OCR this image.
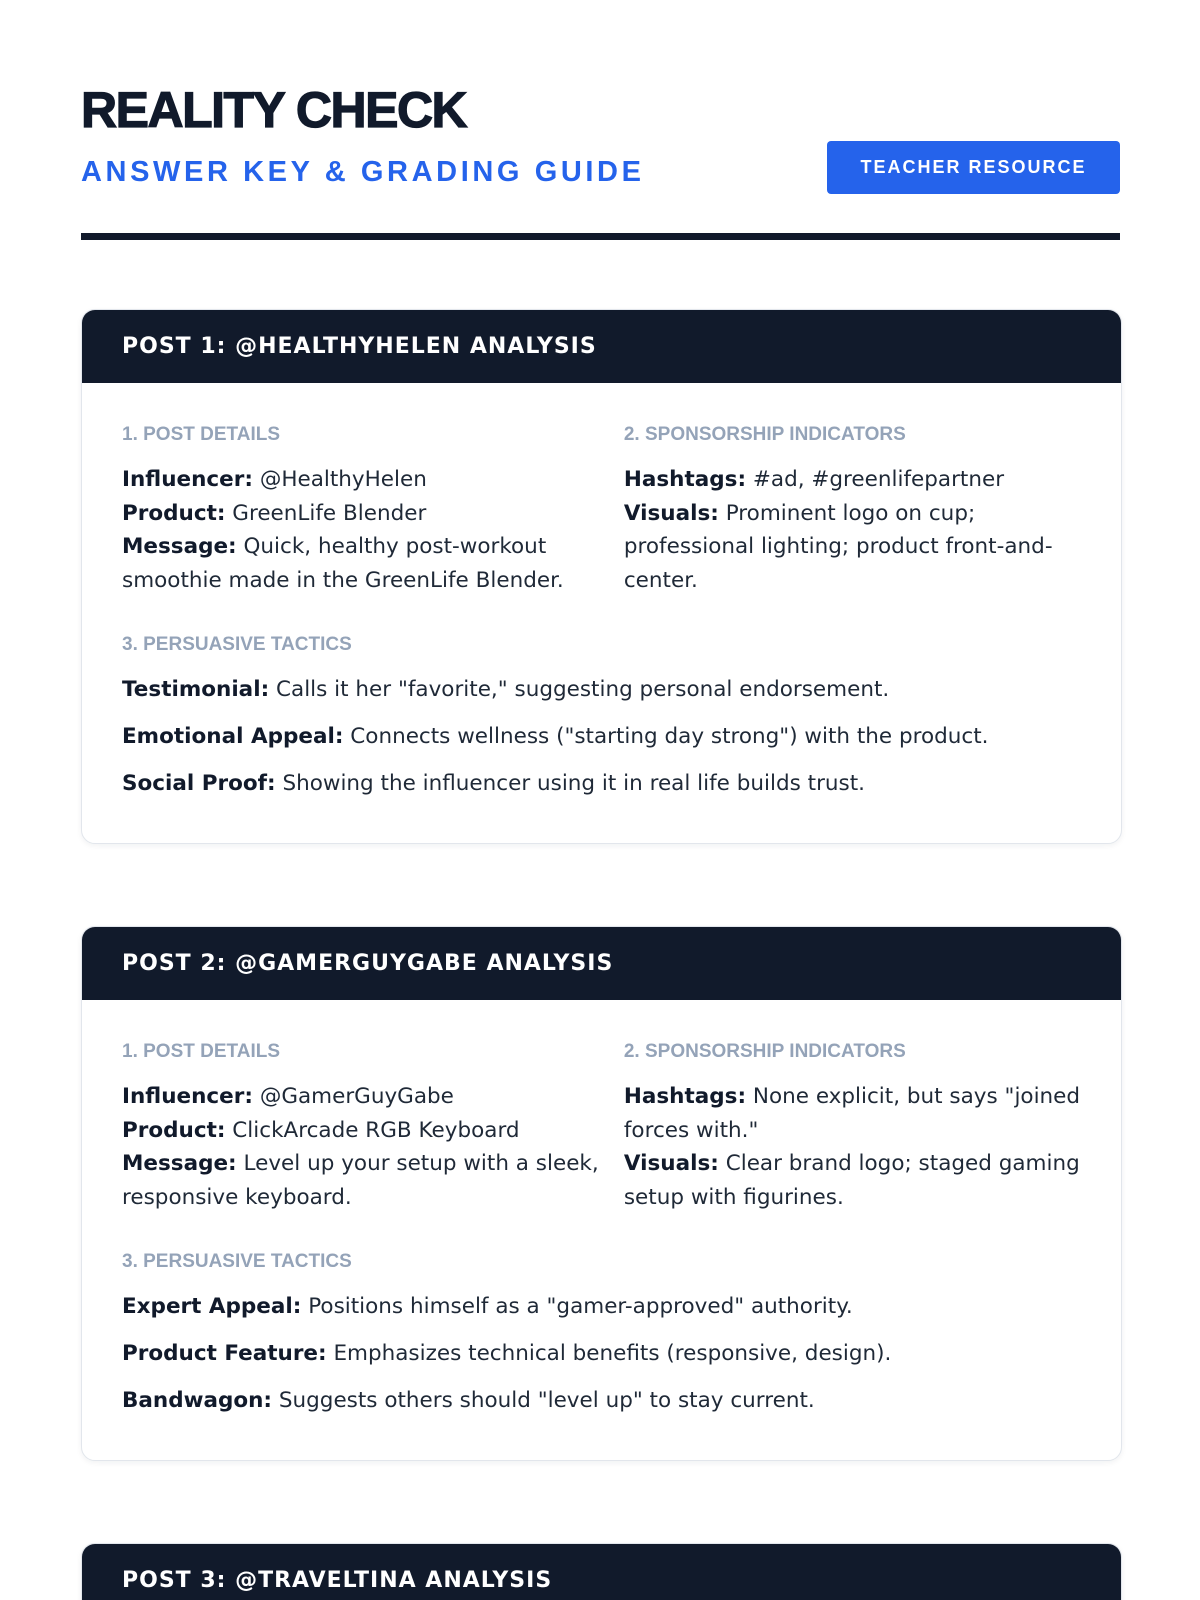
REALITY CHECK
ANSWER KEY & GRADING GUIDE	TEACHER RESOURCE
POST 1: @HEALTHYHELEN ANALYSIS
1. POST DETAILS
Influencer: @HealthyHelen
Product: GreenLife Blender
Message: Quick, healthy post-workout smoothie made in the GreenLife Blender.
2. SPONSORSHIP INDICATORS
Hashtags: #ad, #greenlifepartner
Visuals: Prominent logo on cup; professional lighting; product front-and-center.
3. PERSUASIVE TACTICS
Testimonial: Calls it her "favorite," suggesting personal endorsement.
Emotional Appeal: Connects wellness ("starting day strong") with the product.
Social Proof: Showing the influencer using it in real life builds trust.
POST 2: @GAMERGUYGABE ANALYSIS
1. POST DETAILS
Influencer: @GamerGuyGabe
Product: ClickArcade RGB Keyboard
Message: Level up your setup with a sleek, responsive keyboard.
2. SPONSORSHIP INDICATORS
Hashtags: None explicit, but says "joined forces with."
Visuals: Clear brand logo; staged gaming setup with figurines.
3. PERSUASIVE TACTICS
Expert Appeal: Positions himself as a "gamer-approved" authority.
Product Feature: Emphasizes technical benefits (responsive, design).
Bandwagon: Suggests others should "level up" to stay current.
POST 3: @TRAVELTINA ANALYSIS
